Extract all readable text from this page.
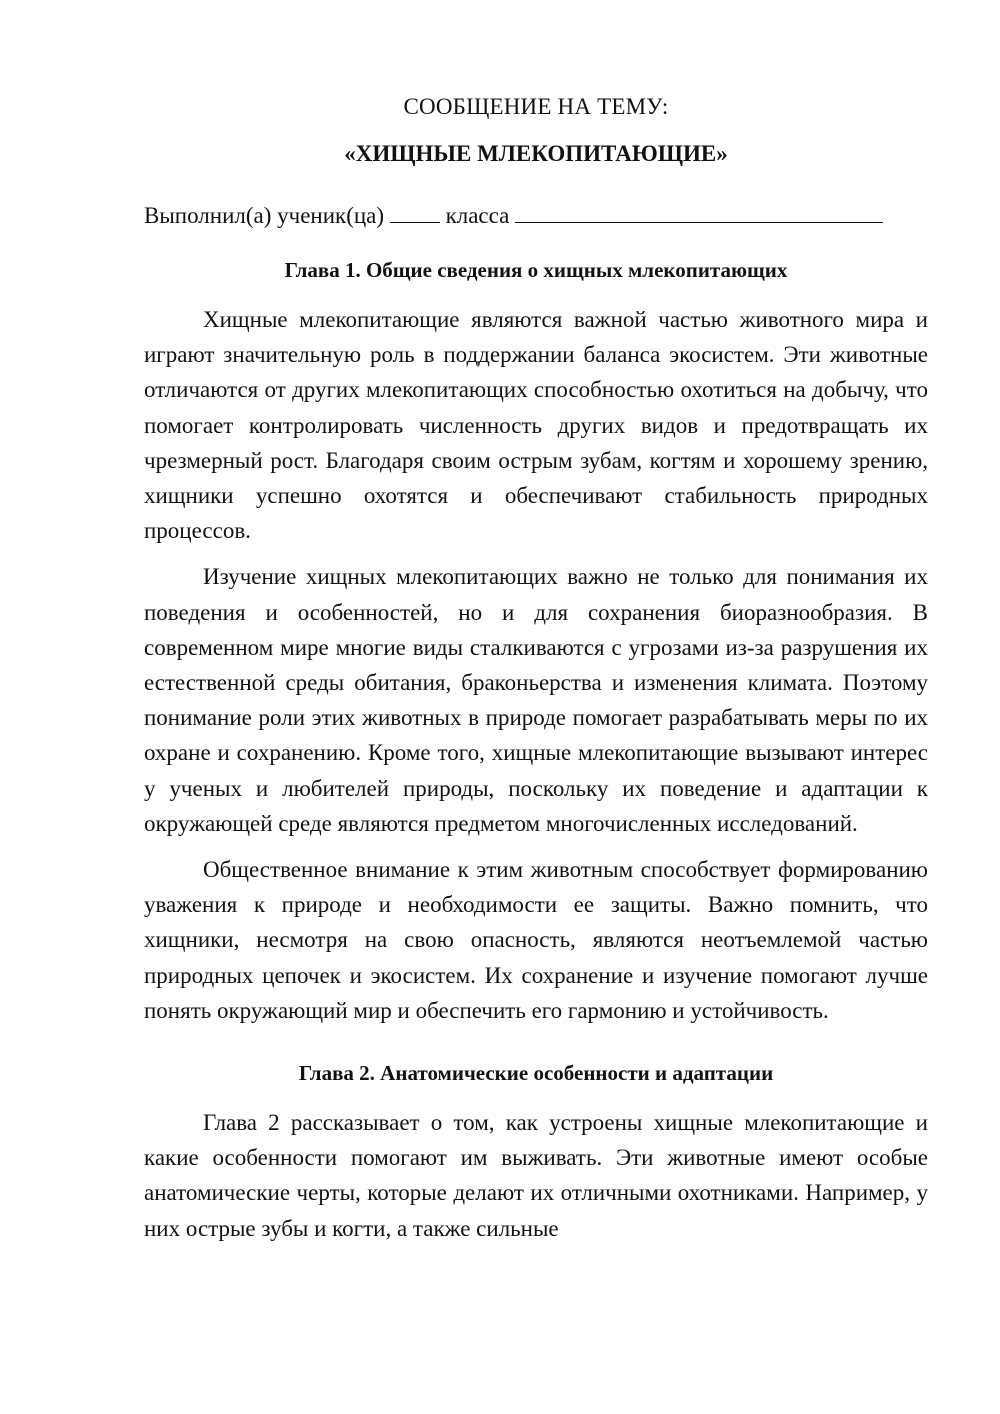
СООБЩЕНИЕ НА ТЕМУ:

«ХИЩНЫЕ МЛЕКОПИТАЮЩИЕ»

Выполнил(а) ученик(ца)	класса
Глава 1. Общие сведения о хищных млекопитающих

Хищные млекопитающие являются важной частью животного мира и играют значительную роль в поддержании баланса экосистем. Эти животные отличаются от других млекопитающих способностью охотиться на добычу, что помогает контролировать численность других видов и предотвращать их чрезмерный рост. Благодаря своим острым зубам, когтям и хорошему зрению, хищники успешно охотятся и обеспечивают стабильность природных процессов.

Изучение хищных млекопитающих важно не только для понимания их поведения и особенностей, но и для сохранения биоразнообразия. В современном мире многие виды сталкиваются с угрозами из-за разрушения их естественной среды обитания, браконьерства и изменения климата. Поэтому понимание роли этих животных в природе помогает разрабатывать меры по их охране и сохранению. Кроме того, хищные млекопитающие вызывают интерес у ученых и любителей природы, поскольку их поведение и адаптации к окружающей среде являются предметом многочисленных исследований.

Общественное внимание к этим животным способствует формированию уважения к природе и необходимости ее защиты. Важно помнить, что хищники, несмотря на свою опасность, являются неотъемлемой частью природных цепочек и экосистем. Их сохранение и изучение помогают лучше понять окружающий мир и обеспечить его гармонию и устойчивость.

Глава 2. Анатомические особенности и адаптации

Глава 2 рассказывает о том, как устроены хищные млекопитающие и какие особенности помогают им выживать. Эти животные имеют особые анатомические черты, которые делают их отличными охотниками. Например, у них острые зубы и когти, а также сильные
